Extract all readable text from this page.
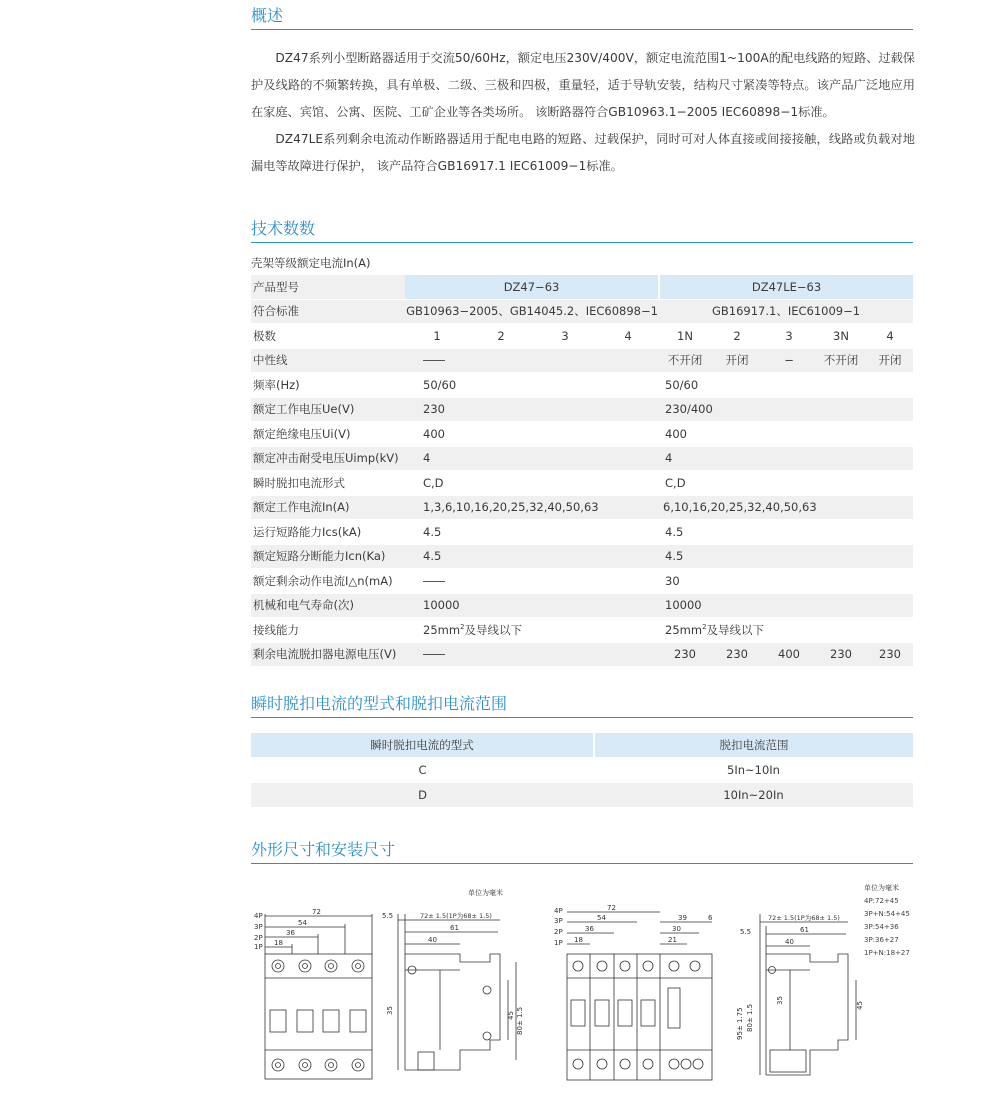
概述

DZ47系列小型断路器适用于交流50/60Hz，额定电压230V/400V，额定电流范围1~100A的配电线路的短路、过载保护及线路的不频繁转换，具有单极、二级、三极和四极，重量轻，适于导轨安装，结构尺寸紧凑等特点。该产品广泛地应用在家庭、宾馆、公寓、医院、工矿企业等各类场所。 该断路器符合GB10963.1−2005 IEC60898−1标准。

DZ47LE系列剩余电流动作断路器适用于配电电路的短路、过载保护，同时可对人体直接或间接接触，线路或负载对地漏电等故障进行保护， 该产品符合GB16917.1 IEC61009−1标准。

技术数数
壳架等级额定电流In(A)
产品型号	DZ47−63				DZ47LE−63				
符合标准	GB10963−2005、GB14045.2、IEC60898−1				GB16917.1、IEC61009−1				
极数	1	2	3	4	1N	2	3	3N	4
中性线					不开闭	开闭	−	不开闭	开闭
频率(Hz)	50/60				50/60				
额定工作电压Ue(V)	230				230/400				
额定绝缘电压Ui(V)	400				400				
额定冲击耐受电压Uimp(kV)	4				4				
瞬时脱扣电流形式	C,D				C,D				
额定工作电流In(A)	1,3,6,10,16,20,25,32,40,50,63				6,10,16,20,25,32,40,50,63				
运行短路能力Ics(kA)	4.5				4.5				
额定短路分断能力Icn(Ka)	4.5				4.5				
额定剩余动作电流I△n(mA)					30				
机械和电气寿命(次)	10000				10000				
接线能力	$25mm^2$及导线以下				$25mm^2$及导线以下				
剩余电流脱扣器电源电压(V)					230	230	400	230	230
瞬时脱扣电流的型式和脱扣电流范围
瞬时脱扣电流的型式	脱扣电流范围
C	5In~10In
D	10In~20In
外形尺寸和安装尺寸
单位为毫米
单位为毫米
4P
3P
2P
1P
72
54
36
18
5.5	72± 1.5(1P为68± 1.5)
61
40
35
45 80± 1.5
4P
3P
2P
1P
72
54
36
18
39
30
21
6
5.5
72± 1.5(1P为68± 1.5)
61
40
35
45
95± 1.75 80± 1.5
4P:72+45
3P+N:54+45
3P:54+36
3P:36+27
1P+N:18+27
